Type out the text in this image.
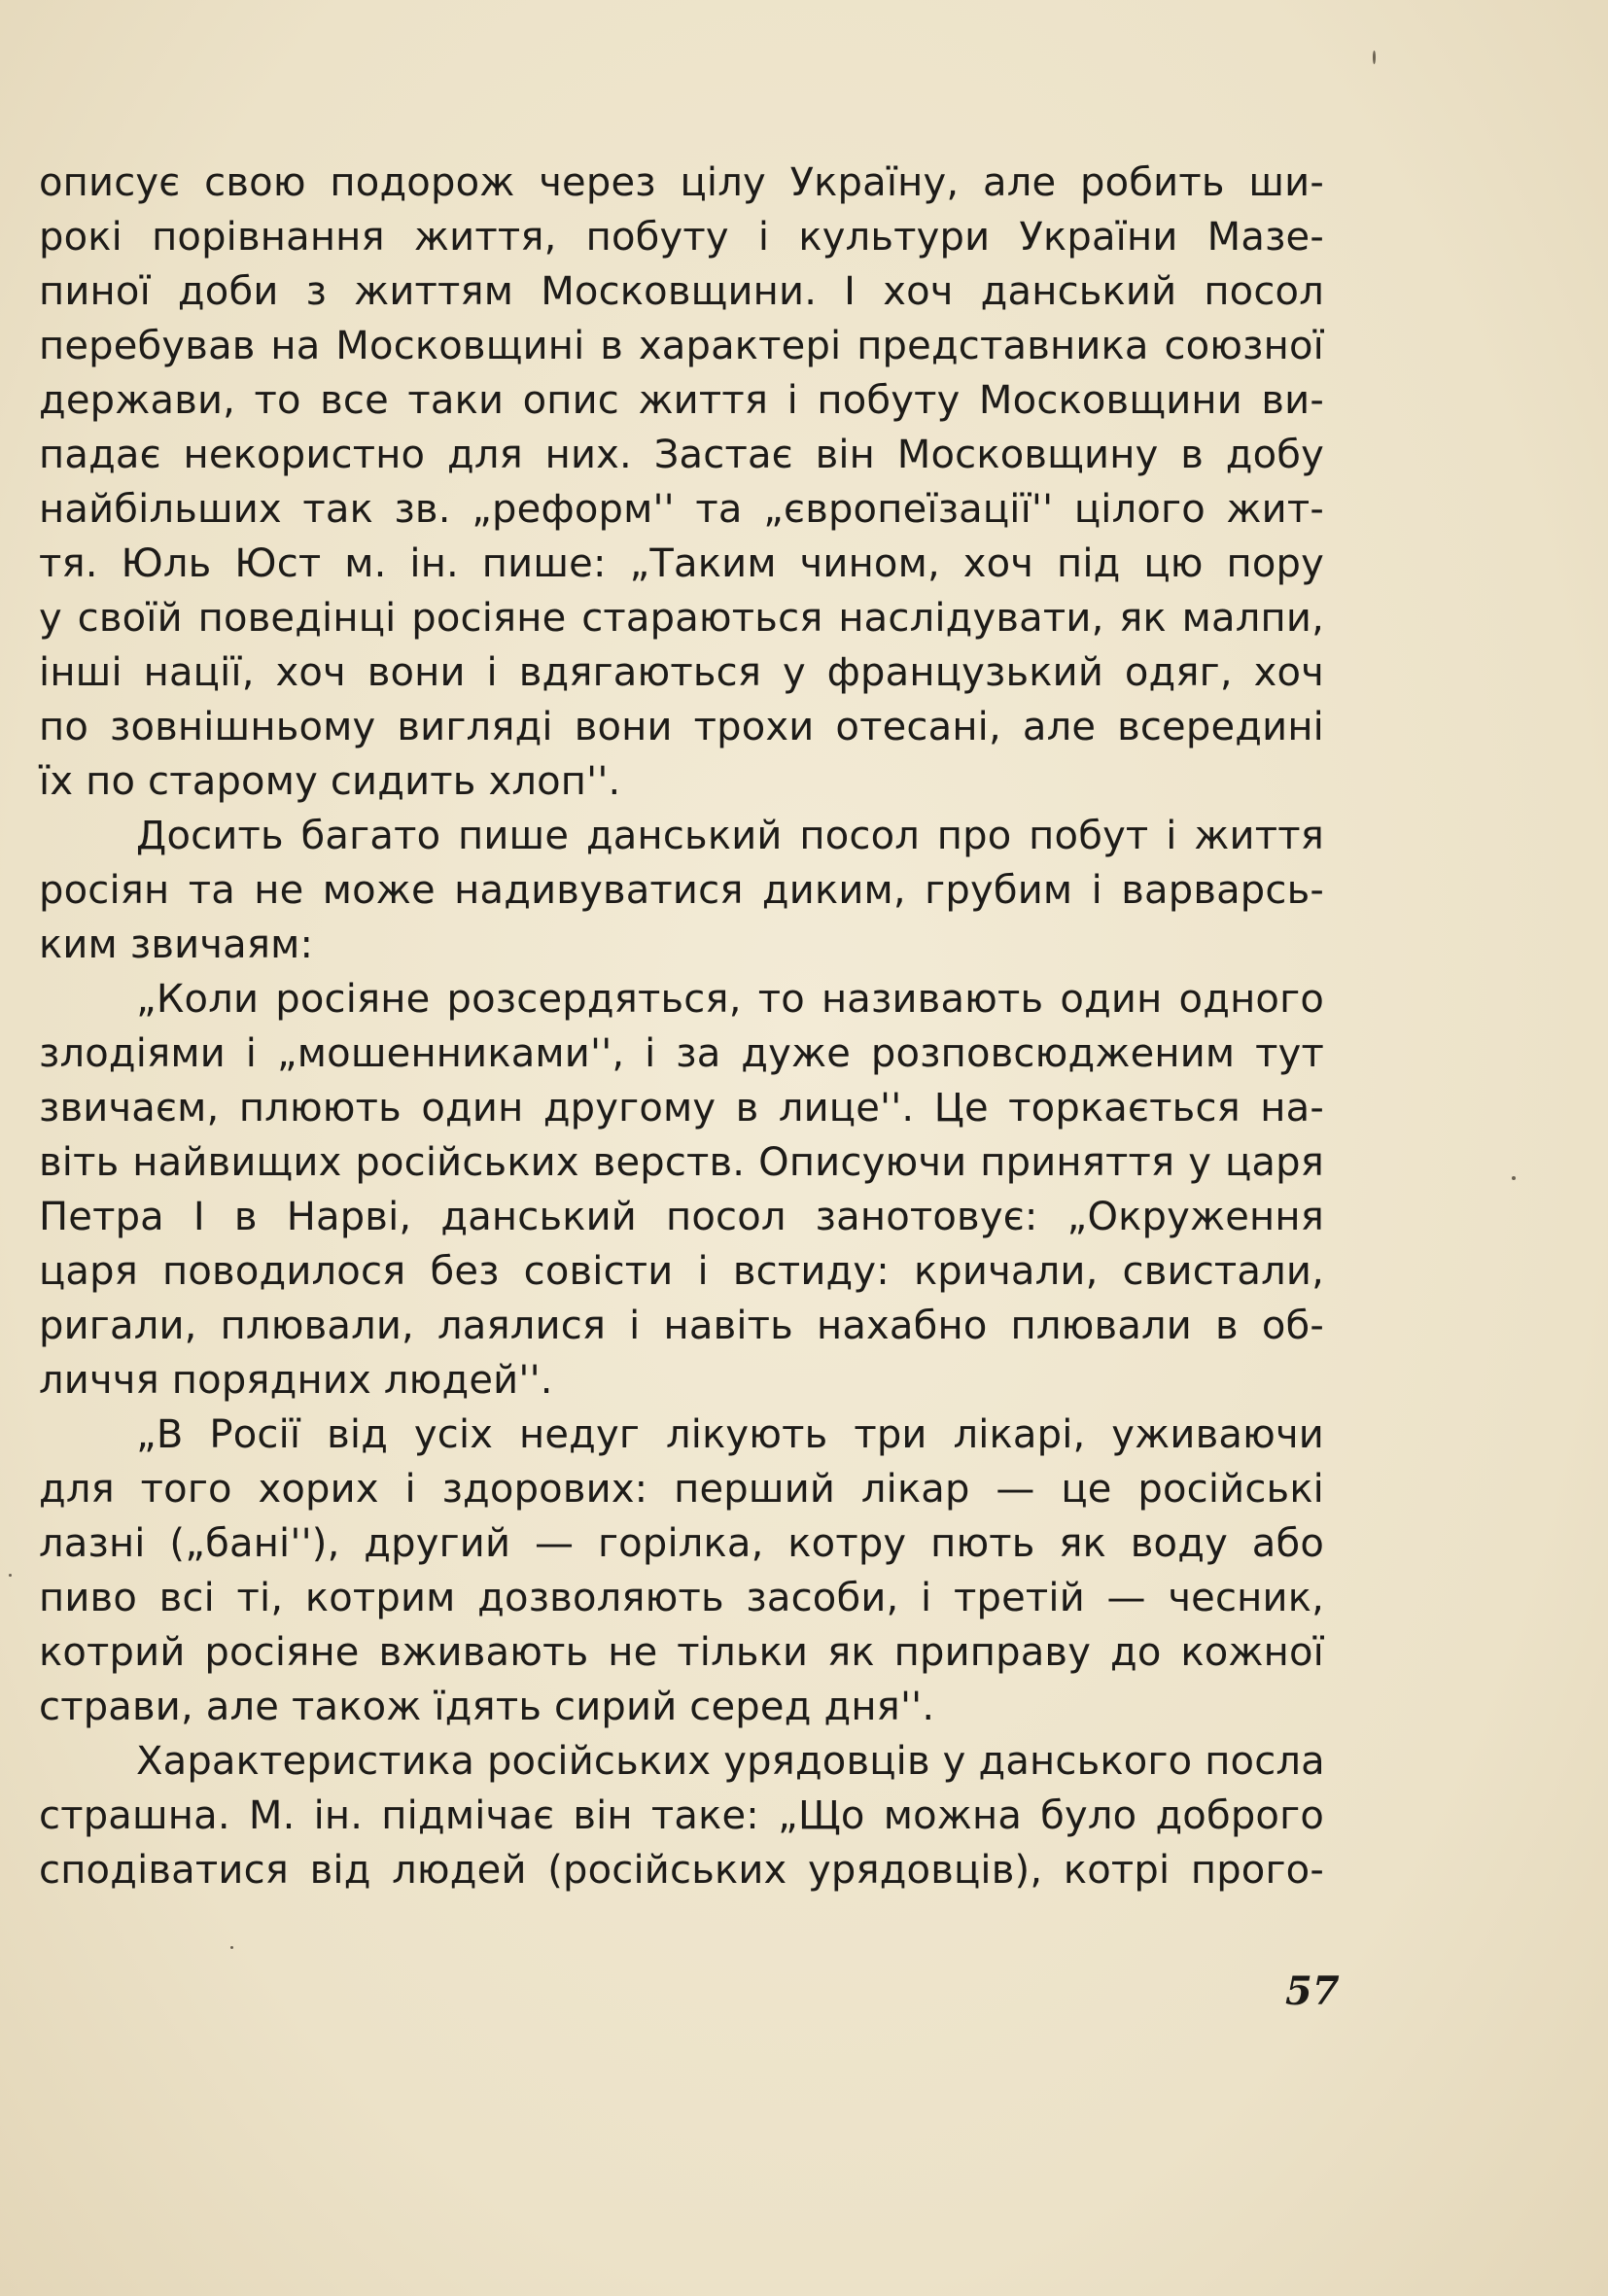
описує свою подорож через цілу Україну, але робить ши-
рокі порівнання життя, побуту і культури України Мазе-
пиної доби з життям Московщини. І хоч данський посол
перебував на Московщині в характері представника союзної
держави, то все таки опис життя і побуту Московщини ви-
падає некористно для них. Застає він Московщину в добу
найбільших так зв. „реформ'' та „європеїзації'' цілого жит-
тя. Юль Юст м. ін. пише: „Таким чином, хоч під цю пору
у своїй поведінці росіяне стараються наслідувати, як малпи,
інші нації, хоч вони і вдягаються у французький одяг, хоч
по зовнішньому вигляді вони трохи отесані, але всередині
їх по старому сидить хлоп''.
Досить багато пише данський посол про побут і життя
росіян та не може надивуватися диким, грубим і варварсь-
ким звичаям:
„Коли росіяне розсердяться, то називають один одного
злодіями і „мошенниками'', і за дуже розповсюдженим тут
звичаєм, плюють один другому в лице''. Це торкається на-
віть найвищих російських верств. Описуючи приняття у царя
Петра І в Нарві, данський посол занотовує: „Окруження
царя поводилося без совісти і встиду: кричали, свистали,
ригали, плювали, лаялися і навіть нахабно плювали в об-
личчя порядних людей''.
„В Росії від усіх недуг лікують три лікарі, уживаючи
для того хорих і здорових: перший лікар — це російські
лазні („бані''), другий — горілка, котру пють як воду або
пиво всі ті, котрим дозволяють засоби, і третій — чесник,
котрий росіяне вживають не тільки як приправу до кожної
страви, але також їдять сирий серед дня''.
Характеристика російських урядовців у данського посла
страшна. М. ін. підмічає він таке: „Що можна було доброго
сподіватися від людей (російських урядовців), котрі прого-
57
